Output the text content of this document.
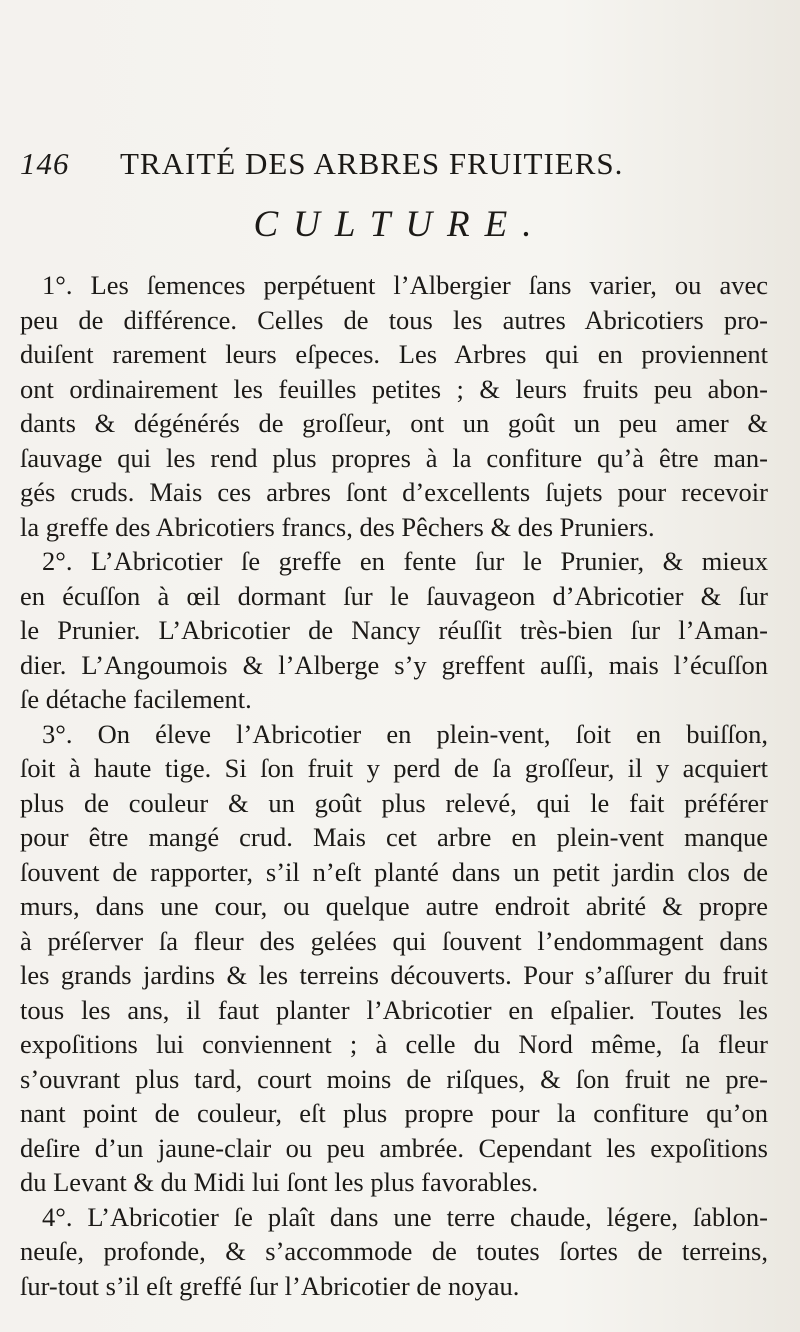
146 TRAITÉ DES ARBRES FRUITIERS.
CULTURE.
1°. Les ſemences perpétuent l’Albergier ſans varier, ou avec
peu de différence. Celles de tous les autres Abricotiers pro-
duiſent rarement leurs eſpeces. Les Arbres qui en proviennent
ont ordinairement les feuilles petites ; & leurs fruits peu abon-
dants & dégénérés de groſſeur, ont un goût un peu amer &
ſauvage qui les rend plus propres à la confiture qu’à être man-
gés cruds. Mais ces arbres ſont d’excellents ſujets pour recevoir
la greffe des Abricotiers francs, des Pêchers & des Pruniers.
2°. L’Abricotier ſe greffe en fente ſur le Prunier, & mieux
en écuſſon à œil dormant ſur le ſauvageon d’Abricotier & ſur
le Prunier. L’Abricotier de Nancy réuſſit très-bien ſur l’Aman-
dier. L’Angoumois & l’Alberge s’y greffent auſſi, mais l’écuſſon
ſe détache facilement.
3°. On éleve l’Abricotier en plein-vent, ſoit en buiſſon,
ſoit à haute tige. Si ſon fruit y perd de ſa groſſeur, il y acquiert
plus de couleur & un goût plus relevé, qui le fait préférer
pour être mangé crud. Mais cet arbre en plein-vent manque
ſouvent de rapporter, s’il n’eſt planté dans un petit jardin clos de
murs, dans une cour, ou quelque autre endroit abrité & propre
à préſerver ſa fleur des gelées qui ſouvent l’endommagent dans
les grands jardins & les terreins découverts. Pour s’aſſurer du fruit
tous les ans, il faut planter l’Abricotier en eſpalier. Toutes les
expoſitions lui conviennent ; à celle du Nord même, ſa fleur
s’ouvrant plus tard, court moins de riſques, & ſon fruit ne pre-
nant point de couleur, eſt plus propre pour la confiture qu’on
deſire d’un jaune-clair ou peu ambrée. Cependant les expoſitions
du Levant & du Midi lui ſont les plus favorables.
4°. L’Abricotier ſe plaît dans une terre chaude, légere, ſablon-
neuſe, profonde, & s’accommode de toutes ſortes de terreins,
ſur-tout s’il eſt greffé ſur l’Abricotier de noyau.
